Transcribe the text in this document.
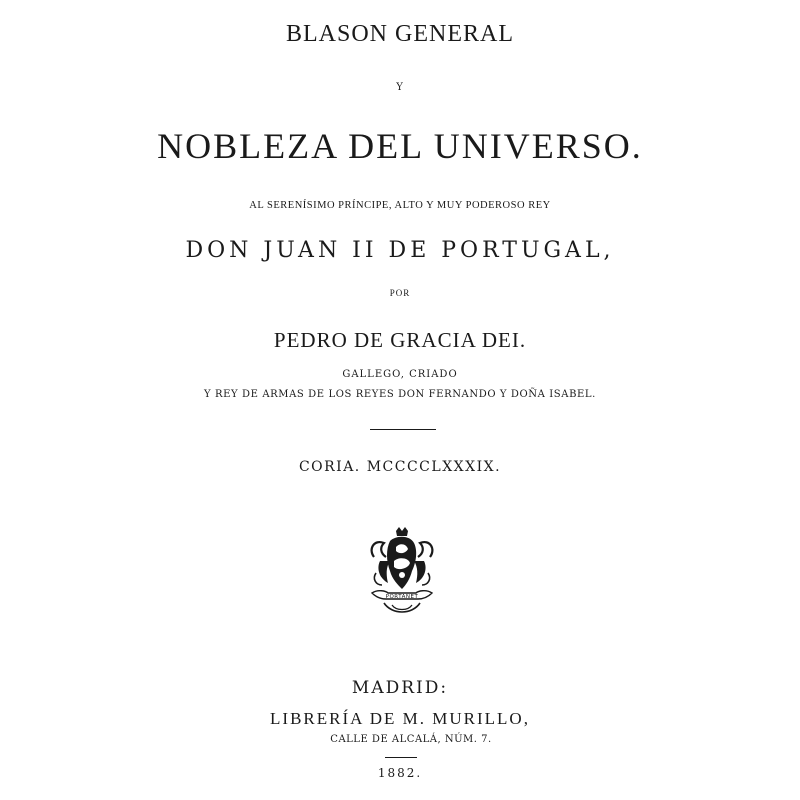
BLASON GENERAL
Y
NOBLEZA DEL UNIVERSO.
AL SERENÍSIMO PRÍNCIPE, ALTO Y MUY PODEROSO REY
DON JUAN II DE PORTUGAL,
POR
PEDRO DE GRACIA DEI.
GALLEGO, CRIADO
Y REY DE ARMAS DE LOS REYES DON FERNANDO Y DOÑA ISABEL.
CORIA. MCCCCLXXXIX.
PORTANET
MADRID:
LIBRERÍA DE M. MURILLO,
CALLE DE ALCALÁ, NÚM. 7.
1882.
